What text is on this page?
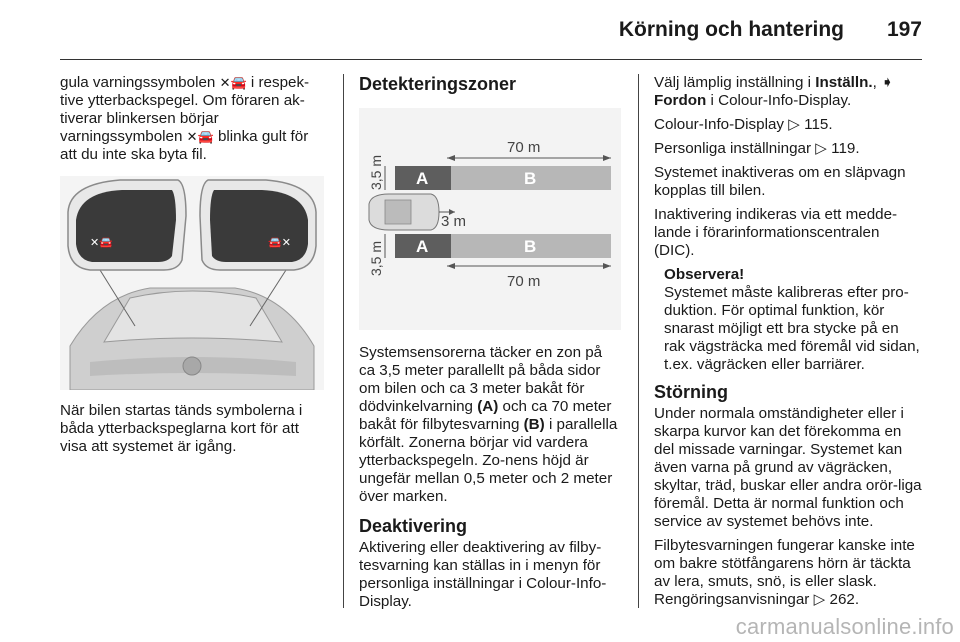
Körning och hantering 197

gula varningssymbolen ✕🚘 i respek-tive ytterbackspegel. Om föraren ak-tiverar blinkersen börjar varningssymbolen ✕🚘 blinka gult för att du inte ska byta fil.

✕🚘	🚘✕

När bilen startas tänds symbolerna i båda ytterbackspeglarna kort för att visa att systemet är igång.

Detekteringszoner
70 m
A	B
3 m
A	B
70 m
3,5 m
3,5 m

Systemsensorerna täcker en zon på ca 3,5 meter parallellt på båda sidor om bilen och ca 3 meter bakåt för dödvinkelvarning (A) och ca 70 meter bakåt för filbytesvarning (B) i parallella körfält. Zonerna börjar vid vardera ytterbackspegeln. Zo-nens höjd är ungefär mellan 0,5 meter och 2 meter över marken.

Deaktivering

Aktivering eller deaktivering av filby-tesvarning kan ställas in i menyn för personliga inställningar i Colour-Info-Display.

Välj lämplig inställning i Inställn., ➧
Fordon i Colour-Info-Display.

Colour-Info-Display ▷ 115.

Personliga inställningar ▷ 119.

Systemet inaktiveras om en släpvagn kopplas till bilen.

Inaktivering indikeras via ett medde-lande i förarinformationscentralen (DIC).

Observera!

Systemet måste kalibreras efter pro-duktion. För optimal funktion, kör snarast möjligt ett bra stycke på en rak vägsträcka med föremål vid sidan, t.ex. vägräcken eller barriärer.

Störning

Under normala omständigheter eller i skarpa kurvor kan det förekomma en del missade varningar. Systemet kan även varna på grund av vägräcken, skyltar, träd, buskar eller andra orör-liga föremål. Detta är normal funktion och service av systemet behövs inte.

Filbytesvarningen fungerar kanske inte om bakre stötfångarens hörn är täckta av lera, smuts, snö, is eller slask. Rengöringsanvisningar ▷ 262.

carmanualsonline.info
